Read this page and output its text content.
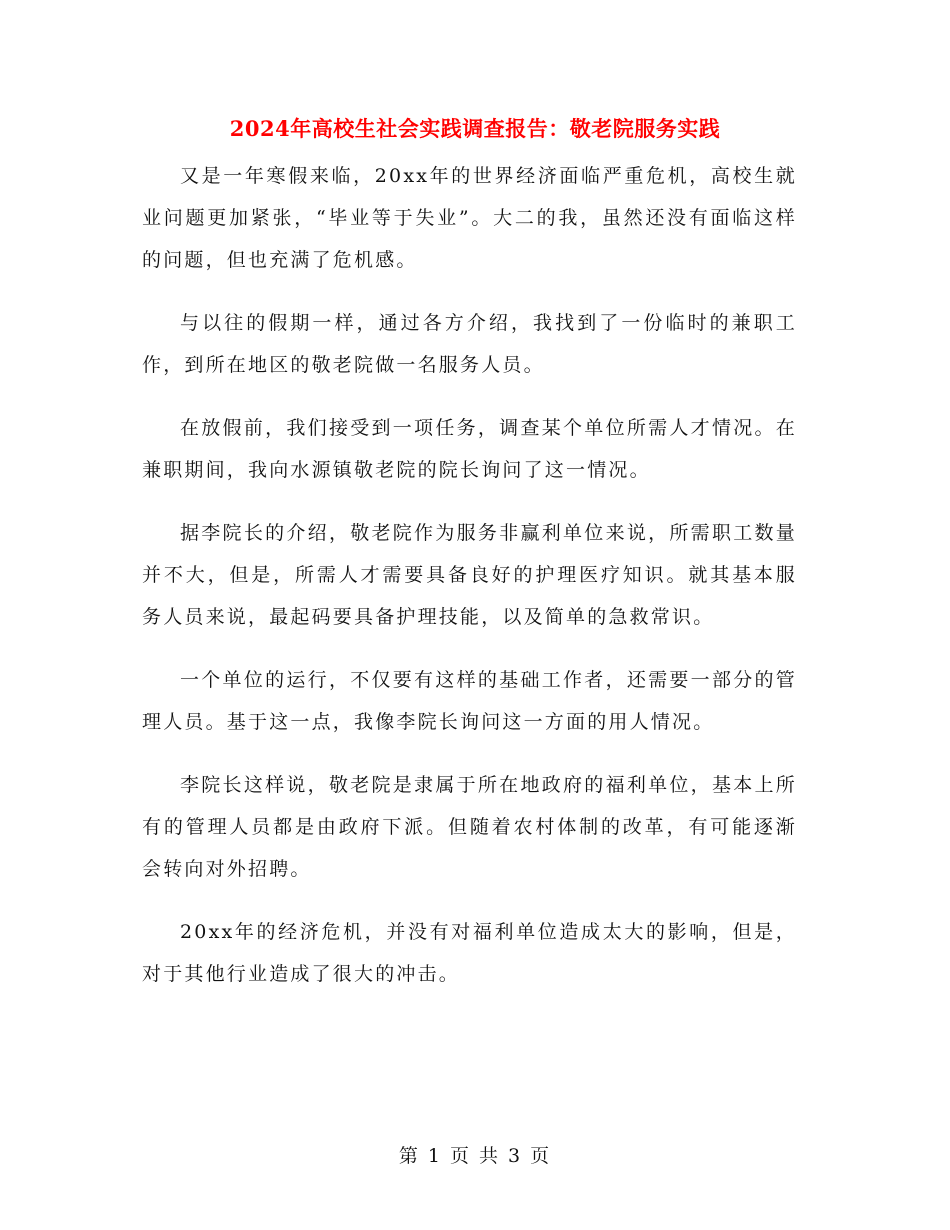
2024年高校生社会实践调查报告：敬老院服务实践

又是一年寒假来临，20xx年的世界经济面临严重危机，高校生就业问题更加紧张，“毕业等于失业”。大二的我，虽然还没有面临这样的问题，但也充满了危机感。

与以往的假期一样，通过各方介绍，我找到了一份临时的兼职工作，到所在地区的敬老院做一名服务人员。

在放假前，我们接受到一项任务，调查某个单位所需人才情况。在兼职期间，我向水源镇敬老院的院长询问了这一情况。

据李院长的介绍，敬老院作为服务非赢利单位来说，所需职工数量并不大，但是，所需人才需要具备良好的护理医疗知识。就其基本服务人员来说，最起码要具备护理技能，以及简单的急救常识。

一个单位的运行，不仅要有这样的基础工作者，还需要一部分的管理人员。基于这一点，我像李院长询问这一方面的用人情况。

李院长这样说，敬老院是隶属于所在地政府的福利单位，基本上所有的管理人员都是由政府下派。但随着农村体制的改革，有可能逐渐会转向对外招聘。

20xx年的经济危机，并没有对福利单位造成太大的影响，但是，对于其他行业造成了很大的冲击。

第 1 页 共 3 页
